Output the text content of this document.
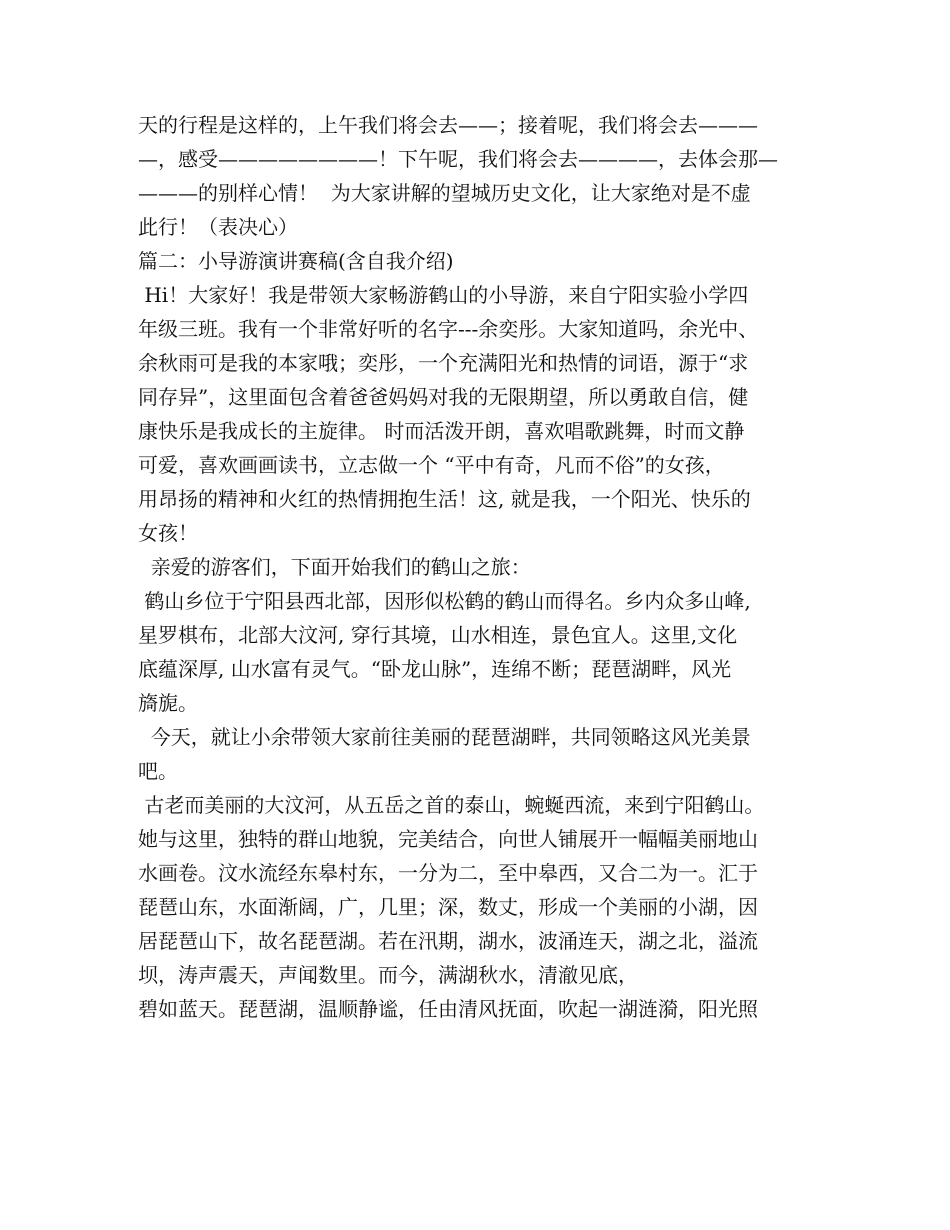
天的行程是这样的，上午我们将会去——；接着呢，我们将会去———
—，感受————————！下午呢，我们将会去————，去体会那—
———的别样心情！  为大家讲解的望城历史文化，让大家绝对是不虚
此行！（表决心）
篇二：小导游演讲赛稿(含自我介绍)
Hi！大家好！我是带领大家畅游鹤山的小导游，来自宁阳实验小学四
年级三班。我有一个非常好听的名字---余奕彤。大家知道吗，余光中、
余秋雨可是我的本家哦；奕彤，一个充满阳光和热情的词语，源于“求
同存异”，这里面包含着爸爸妈妈对我的无限期望，所以勇敢自信，健
康快乐是我成长的主旋律。 时而活泼开朗，喜欢唱歌跳舞，时而文静
可爱，喜欢画画读书，立志做一个 “平中有奇，凡而不俗”的女孩，
用昂扬的精神和火红的热情拥抱生活！这, 就是我，一个阳光、快乐的
女孩！
亲爱的游客们，下面开始我们的鹤山之旅：
鹤山乡位于宁阳县西北部，因形似松鹤的鹤山而得名。乡内众多山峰,
星罗棋布，北部大汶河, 穿行其境，山水相连，景色宜人。这里,文化
底蕴深厚, 山水富有灵气。“卧龙山脉”，连绵不断；琵琶湖畔，风光
旖旎。
今天，就让小余带领大家前往美丽的琵琶湖畔，共同领略这风光美景
吧。
古老而美丽的大汶河，从五岳之首的泰山，蜿蜒西流，来到宁阳鹤山。
她与这里，独特的群山地貌，完美结合，向世人铺展开一幅幅美丽地山
水画卷。汶水流经东皋村东，一分为二，至中皋西，又合二为一。汇于
琵琶山东，水面渐阔，广，几里；深，数丈，形成一个美丽的小湖，因
居琵琶山下，故名琵琶湖。若在汛期，湖水，波涌连天，湖之北，溢流
坝，涛声震天，声闻数里。而今，满湖秋水，清澈见底，
碧如蓝天。琵琶湖，温顺静谧，任由清风抚面，吹起一湖涟漪，阳光照
